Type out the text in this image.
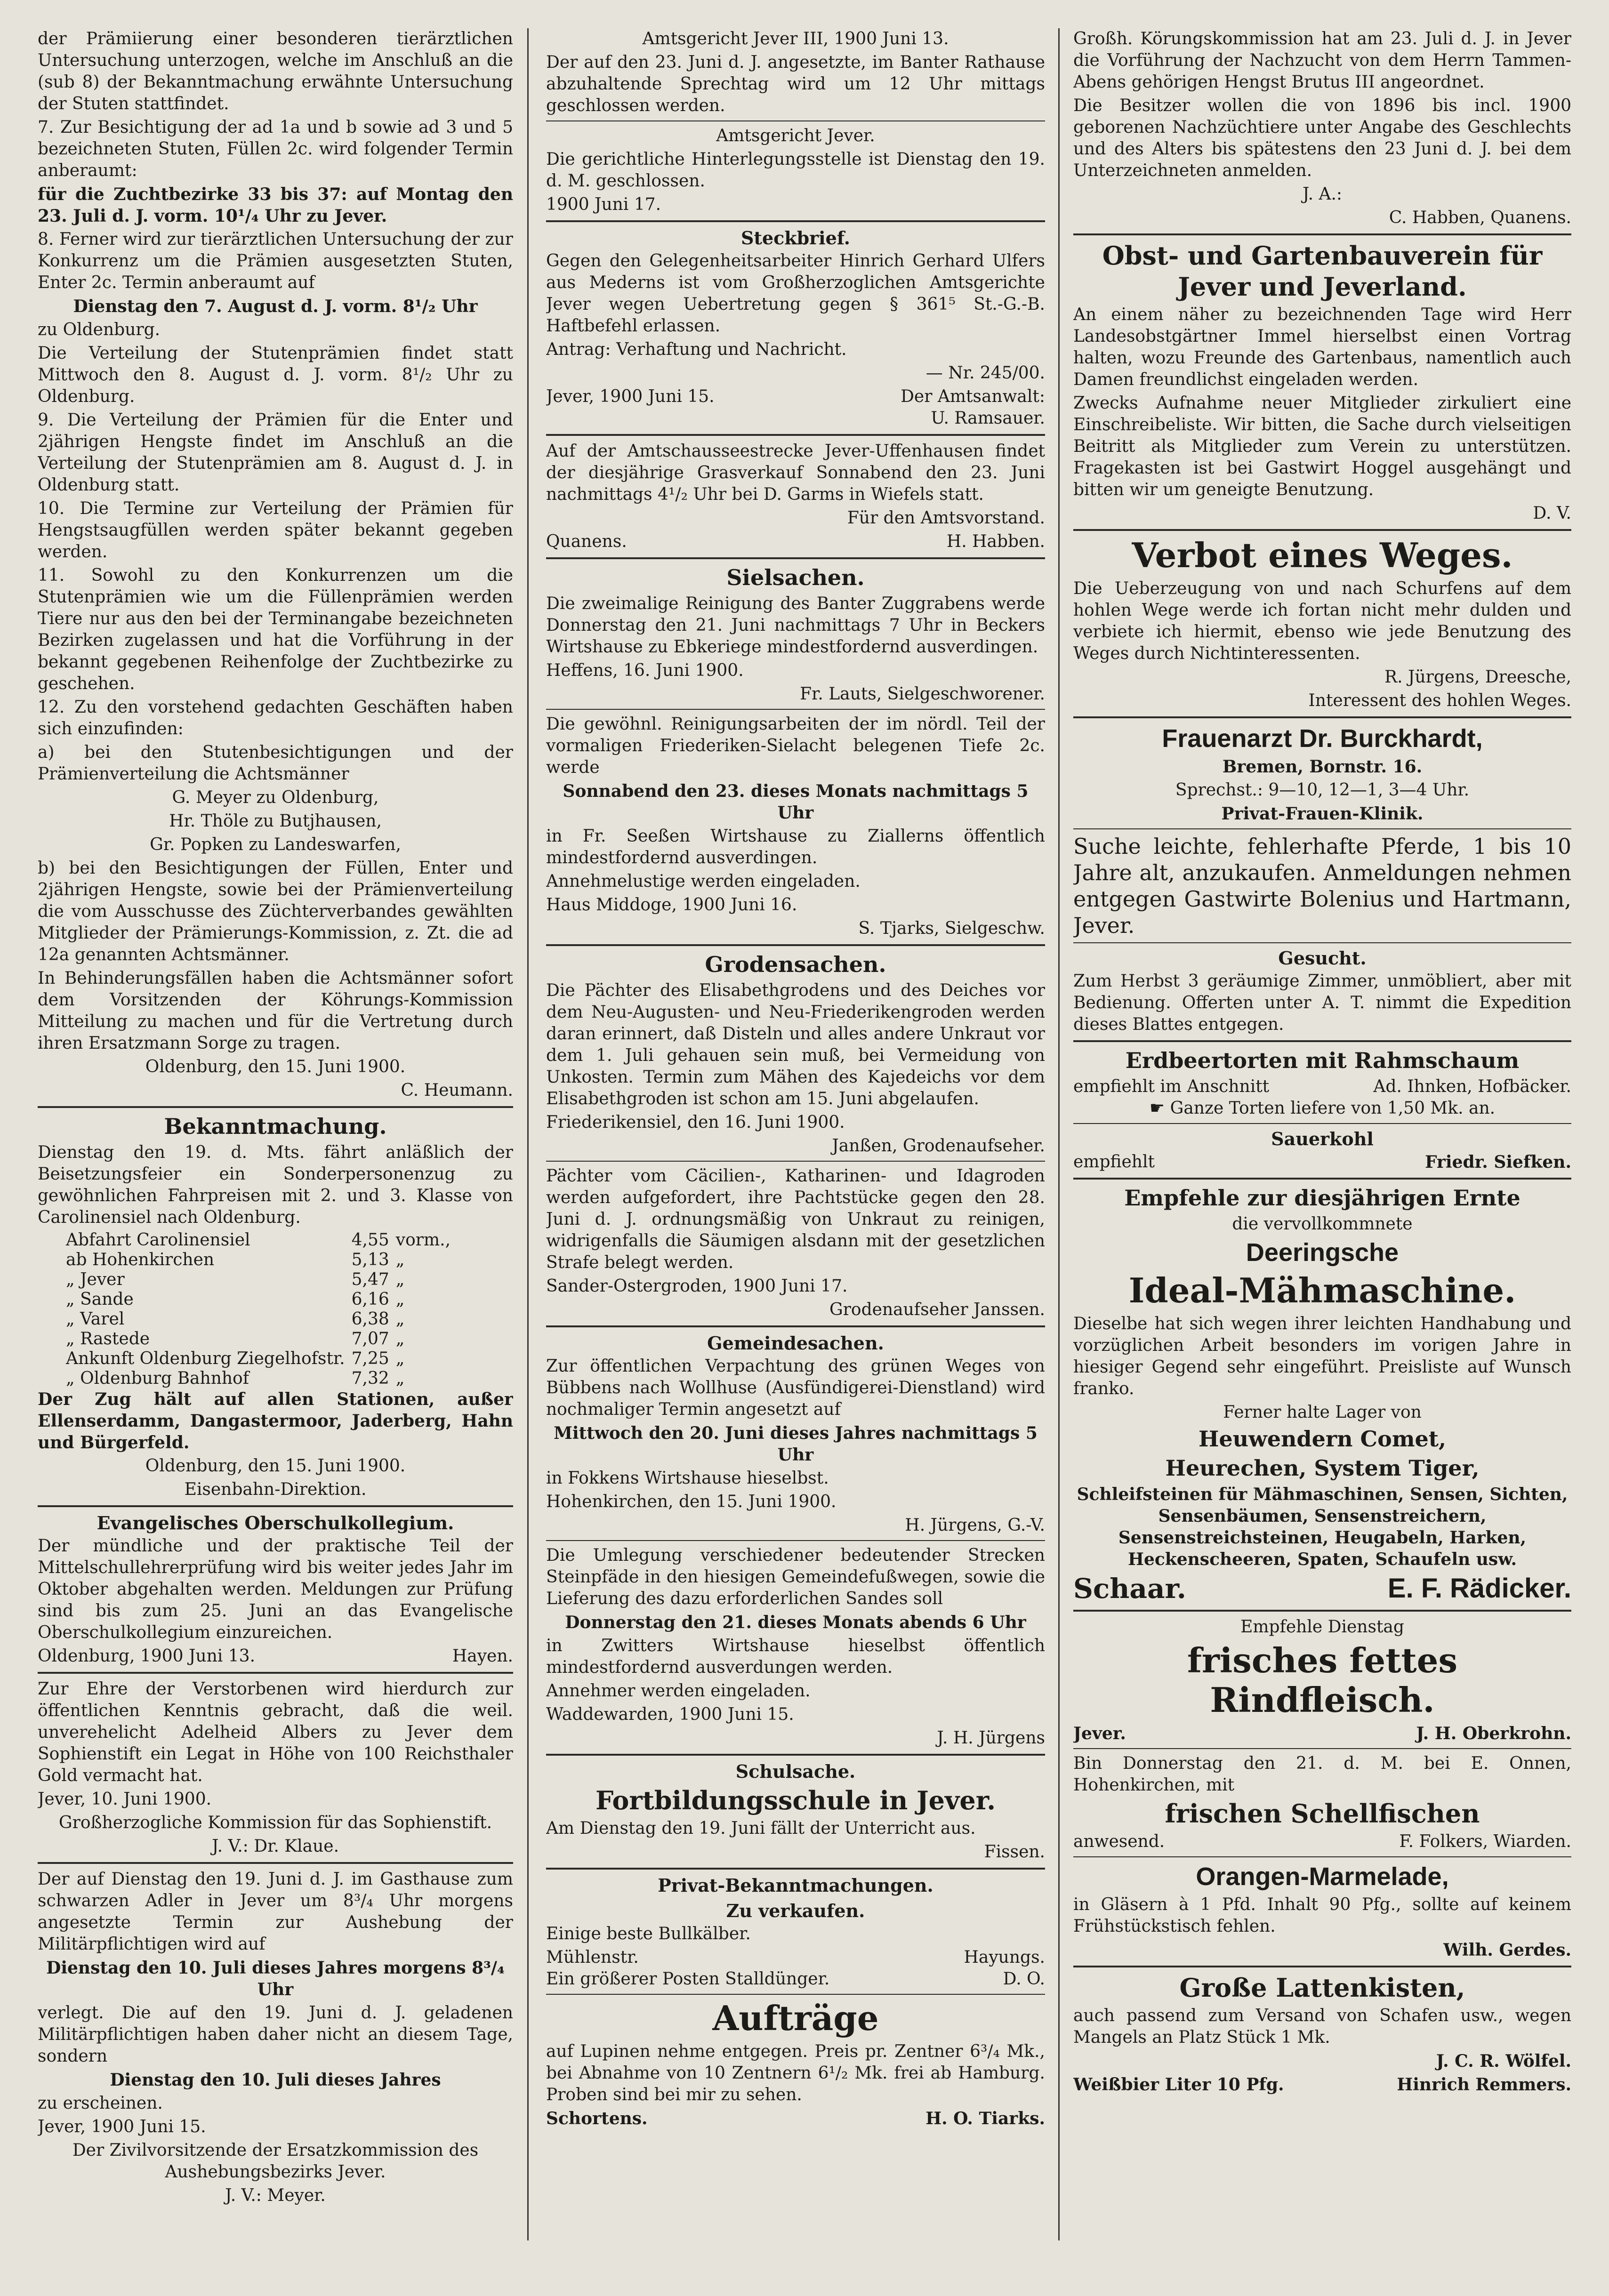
der Prämiierung einer besonderen tierärztlichen Untersuchung unterzogen, welche im Anschluß an die (sub 8) der Bekanntmachung erwähnte Untersuchung der Stuten stattfindet.

7. Zur Besichtigung der ad 1a und b sowie ad 3 und 5 bezeichneten Stuten, Füllen 2c. wird folgender Termin anberaumt:

für die Zuchtbezirke 33 bis 37: auf Montag den 23. Juli d. J. vorm. 10¹/₄ Uhr zu Jever.

8. Ferner wird zur tierärztlichen Untersuchung der zur Konkurrenz um die Prämien ausgesetzten Stuten, Enter 2c. Termin anberaumt auf

Dienstag den 7. August d. J. vorm. 8¹/₂ Uhr

zu Oldenburg.

Die Verteilung der Stutenprämien findet statt Mittwoch den 8. August d. J. vorm. 8¹/₂ Uhr zu Oldenburg.

9. Die Verteilung der Prämien für die Enter und 2jährigen Hengste findet im Anschluß an die Verteilung der Stutenprämien am 8. August d. J. in Oldenburg statt.

10. Die Termine zur Verteilung der Prämien für Hengstsaugfüllen werden später bekannt gegeben werden.

11. Sowohl zu den Konkurrenzen um die Stutenprämien wie um die Füllenprämien werden Tiere nur aus den bei der Terminangabe bezeichneten Bezirken zugelassen und hat die Vorführung in der bekannt gegebenen Reihenfolge der Zuchtbezirke zu geschehen.

12. Zu den vorstehend gedachten Geschäften haben sich einzufinden:

a) bei den Stutenbesichtigungen und der Prämienverteilung die Achtsmänner

G. Meyer zu Oldenburg,

Hr. Thöle zu Butjhausen,

Gr. Popken zu Landeswarfen,

b) bei den Besichtigungen der Füllen, Enter und 2jährigen Hengste, sowie bei der Prämienverteilung die vom Ausschusse des Züchterverbandes gewählten Mitglieder der Prämierungs-Kommission, z. Zt. die ad 12a genannten Achtsmänner.

In Behinderungsfällen haben die Achtsmänner sofort dem Vorsitzenden der Köhrungs-Kommission Mitteilung zu machen und für die Vertretung durch ihren Ersatzmann Sorge zu tragen.

Oldenburg, den 15. Juni 1900.

C. Heumann.

Bekanntmachung.

Dienstag den 19. d. Mts. fährt anläßlich der Beisetzungsfeier ein Sonderpersonenzug zu gewöhnlichen Fahrpreisen mit 2. und 3. Klasse von Carolinensiel nach Oldenburg.

Abfahrt Carolinensiel	4,55	vorm.,
ab Hohenkirchen	5,13	„
„ Jever	5,47	„
„ Sande	6,16	„
„ Varel	6,38	„
„ Rastede	7,07	„
Ankunft Oldenburg Ziegelhofstr.	7,25	„
„ Oldenburg Bahnhof	7,32	„

Der Zug hält auf allen Stationen, außer Ellenserdamm, Dangastermoor, Jaderberg, Hahn und Bürgerfeld.

Oldenburg, den 15. Juni 1900.

Eisenbahn-Direktion.

Evangelisches Oberschulkollegium.

Der mündliche und der praktische Teil der Mittelschullehrerprüfung wird bis weiter jedes Jahr im Oktober abgehalten werden. Meldungen zur Prüfung sind bis zum 25. Juni an das Evangelische Oberschulkollegium einzureichen.

Oldenburg, 1900 Juni 13.	Hayen.

Zur Ehre der Verstorbenen wird hierdurch zur öffentlichen Kenntnis gebracht, daß die weil. unverehelicht Adelheid Albers zu Jever dem Sophienstift ein Legat in Höhe von 100 Reichsthaler Gold vermacht hat.

Jever, 10. Juni 1900.

Großherzogliche Kommission für das Sophienstift.

J. V.: Dr. Klaue.

Der auf Dienstag den 19. Juni d. J. im Gasthause zum schwarzen Adler in Jever um 8³/₄ Uhr morgens angesetzte Termin zur Aushebung der Militärpflichtigen wird auf

Dienstag den 10. Juli dieses Jahres morgens 8³/₄ Uhr

verlegt. Die auf den 19. Juni d. J. geladenen Militärpflichtigen haben daher nicht an diesem Tage, sondern

Dienstag den 10. Juli dieses Jahres

zu erscheinen.

Jever, 1900 Juni 15.

Der Zivilvorsitzende der Ersatzkommission des Aushebungsbezirks Jever.

J. V.: Meyer.

Amtsgericht Jever III, 1900 Juni 13.

Der auf den 23. Juni d. J. angesetzte, im Banter Rathause abzuhaltende Sprechtag wird um 12 Uhr mittags geschlossen werden.

Amtsgericht Jever.

Die gerichtliche Hinterlegungsstelle ist Dienstag den 19. d. M. geschlossen.

1900 Juni 17.

Steckbrief.

Gegen den Gelegenheitsarbeiter Hinrich Gerhard Ulfers aus Mederns ist vom Großherzoglichen Amtsgerichte Jever wegen Uebertretung gegen § 361⁵ St.-G.-B. Haftbefehl erlassen.

Antrag: Verhaftung und Nachricht.

— Nr. 245/00.

Jever, 1900 Juni 15.	Der Amtsanwalt:

U. Ramsauer.

Auf der Amtschausseestrecke Jever-Uffenhausen findet der diesjährige Grasverkauf Sonnabend den 23. Juni nachmittags 4¹/₂ Uhr bei D. Garms in Wiefels statt.

Für den Amtsvorstand.

Quanens.	H. Habben.
Sielsachen.

Die zweimalige Reinigung des Banter Zuggrabens werde Donnerstag den 21. Juni nachmittags 7 Uhr in Beckers Wirtshause zu Ebkeriege mindestfordernd ausverdingen.

Heffens, 16. Juni 1900.

Fr. Lauts, Sielgeschworener.

Die gewöhnl. Reinigungsarbeiten der im nördl. Teil der vormaligen Friederiken-Sielacht belegenen Tiefe 2c. werde

Sonnabend den 23. dieses Monats nachmittags 5 Uhr

in Fr. Seeßen Wirtshause zu Ziallerns öffentlich mindestfordernd ausverdingen.

Annehmelustige werden eingeladen.

Haus Middoge, 1900 Juni 16.

S. Tjarks, Sielgeschw.

Grodensachen.

Die Pächter des Elisabethgrodens und des Deiches vor dem Neu-Augusten- und Neu-Friederikengroden werden daran erinnert, daß Disteln und alles andere Unkraut vor dem 1. Juli gehauen sein muß, bei Vermeidung von Unkosten. Termin zum Mähen des Kajedeichs vor dem Elisabethgroden ist schon am 15. Juni abgelaufen.

Friederikensiel, den 16. Juni 1900.

Janßen, Grodenaufseher.

Pächter vom Cäcilien-, Katharinen- und Idagroden werden aufgefordert, ihre Pachtstücke gegen den 28. Juni d. J. ordnungsmäßig von Unkraut zu reinigen, widrigenfalls die Säumigen alsdann mit der gesetzlichen Strafe belegt werden.

Sander-Ostergroden, 1900 Juni 17.

Grodenaufseher Janssen.

Gemeindesachen.

Zur öffentlichen Verpachtung des grünen Weges von Bübbens nach Wollhuse (Ausfündigerei-Dienstland) wird nochmaliger Termin angesetzt auf

Mittwoch den 20. Juni dieses Jahres nachmittags 5 Uhr

in Fokkens Wirtshause hieselbst.

Hohenkirchen, den 15. Juni 1900.

H. Jürgens, G.-V.

Die Umlegung verschiedener bedeutender Strecken Steinpfäde in den hiesigen Gemeindefußwegen, sowie die Lieferung des dazu erforderlichen Sandes soll

Donnerstag den 21. dieses Monats abends 6 Uhr

in Zwitters Wirtshause hieselbst öffentlich mindestfordernd ausverdungen werden.

Annehmer werden eingeladen.

Waddewarden, 1900 Juni 15.

J. H. Jürgens

Schulsache.
Fortbildungsschule in Jever.

Am Dienstag den 19. Juni fällt der Unterricht aus.

Fissen.

Privat-Bekanntmachungen.
Zu verkaufen.

Einige beste Bullkälber.

Mühlenstr.	Hayungs.
Ein größerer Posten Stalldünger.	D. O.
Aufträge

auf Lupinen nehme entgegen. Preis pr. Zentner 6³/₄ Mk., bei Abnahme von 10 Zentnern 6¹/₂ Mk. frei ab Hamburg. Proben sind bei mir zu sehen.

Schortens.	H. O. Tiarks.

Großh. Körungskommission hat am 23. Juli d. J. in Jever die Vorführung der Nachzucht von dem Herrn Tammen-Abens gehörigen Hengst Brutus III angeordnet.

Die Besitzer wollen die von 1896 bis incl. 1900 geborenen Nachzüchtiere unter Angabe des Geschlechts und des Alters bis spätestens den 23 Juni d. J. bei dem Unterzeichneten anmelden.

J. A.:

C. Habben, Quanens.

Obst- und Gartenbauverein für Jever und Jeverland.

An einem näher zu bezeichnenden Tage wird Herr Landesobstgärtner Immel hierselbst einen Vortrag halten, wozu Freunde des Gartenbaus, namentlich auch Damen freundlichst eingeladen werden.

Zwecks Aufnahme neuer Mitglieder zirkuliert eine Einschreibeliste. Wir bitten, die Sache durch vielseitigen Beitritt als Mitglieder zum Verein zu unterstützen. Fragekasten ist bei Gastwirt Hoggel ausgehängt und bitten wir um geneigte Benutzung.

D. V.

Verbot eines Weges.

Die Ueberzeugung von und nach Schurfens auf dem hohlen Wege werde ich fortan nicht mehr dulden und verbiete ich hiermit, ebenso wie jede Benutzung des Weges durch Nichtinteressenten.

R. Jürgens, Dreesche,

Interessent des hohlen Weges.

Frauenarzt Dr. Burckhardt,

Bremen, Bornstr. 16.

Sprechst.: 9—10, 12—1, 3—4 Uhr.

Privat-Frauen-Klinik.

Suche leichte, fehlerhafte Pferde, 1 bis 10 Jahre alt, anzukaufen. Anmeldungen nehmen entgegen Gastwirte Bolenius und Hartmann, Jever.

Gesucht.

Zum Herbst 3 geräumige Zimmer, unmöbliert, aber mit Bedienung. Offerten unter A. T. nimmt die Expedition dieses Blattes entgegen.

Erdbeertorten mit Rahmschaum
empfiehlt im Anschnitt	Ad. Ihnken, Hofbäcker.

☛ Ganze Torten liefere von 1,50 Mk. an.

Sauerkohl
empfiehlt	Friedr. Siefken.
Empfehle zur diesjährigen Ernte

die vervollkommnete

Deeringsche
Ideal-Mähmaschine.

Dieselbe hat sich wegen ihrer leichten Handhabung und vorzüglichen Arbeit besonders im vorigen Jahre in hiesiger Gegend sehr eingeführt. Preisliste auf Wunsch franko.

Ferner halte Lager von

Heuwendern Comet,
Heurechen, System Tiger,

Schleifsteinen für Mähmaschinen, Sensen, Sichten, Sensenbäumen, Sensenstreichern, Sensenstreichsteinen, Heugabeln, Harken, Heckenscheeren, Spaten, Schaufeln usw.

Schaar.	E. F. Rädicker.

Empfehle Dienstag

frisches fettes Rindfleisch.
Jever.	J. H. Oberkrohn.

Bin Donnerstag den 21. d. M. bei E. Onnen, Hohenkirchen, mit

frischen Schellfischen
anwesend.	F. Folkers, Wiarden.
Orangen-Marmelade,

in Gläsern à 1 Pfd. Inhalt 90 Pfg., sollte auf keinem Frühstückstisch fehlen.

Wilh. Gerdes.

Große Lattenkisten,

auch passend zum Versand von Schafen usw., wegen Mangels an Platz Stück 1 Mk.

J. C. R. Wölfel.

Weißbier Liter 10 Pfg.	Hinrich Remmers.
